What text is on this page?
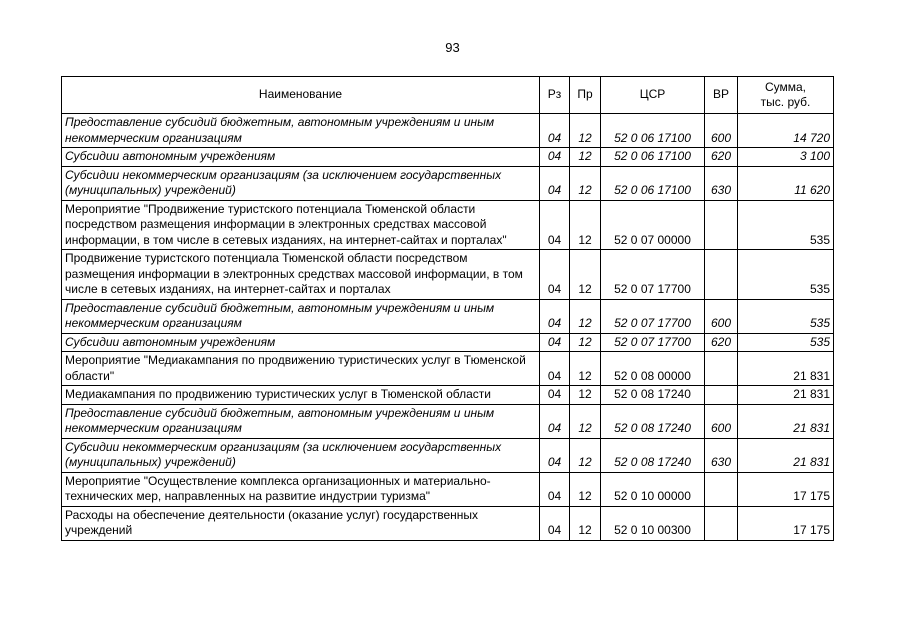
93
Наименование	Рз	Пр	ЦСР	ВР	Сумма,
тыс. руб.
Предоставление субсидий бюджетным, автономным учреждениям и иным некоммерческим организациям	04	12	52 0 06 17100	600	14 720
Субсидии автономным учреждениям	04	12	52 0 06 17100	620	3 100
Субсидии некоммерческим организациям (за исключением государственных (муниципальных) учреждений)	04	12	52 0 06 17100	630	11 620
Мероприятие "Продвижение туристского потенциала Тюменской области посредством размещения информации в электронных средствах массовой информации, в том числе в сетевых изданиях, на интернет-сайтах и порталах"	04	12	52 0 07 00000		535
Продвижение туристского потенциала Тюменской области посредством размещения информации в электронных средствах массовой информации, в том числе в сетевых изданиях, на интернет-сайтах и порталах	04	12	52 0 07 17700		535
Предоставление субсидий бюджетным, автономным учреждениям и иным некоммерческим организациям	04	12	52 0 07 17700	600	535
Субсидии автономным учреждениям	04	12	52 0 07 17700	620	535
Мероприятие "Медиакампания по продвижению туристических услуг в Тюменской области"	04	12	52 0 08 00000		21 831
Медиакампания по продвижению туристических услуг в Тюменской области	04	12	52 0 08 17240		21 831
Предоставление субсидий бюджетным, автономным учреждениям и иным некоммерческим организациям	04	12	52 0 08 17240	600	21 831
Субсидии некоммерческим организациям (за исключением государственных (муниципальных) учреждений)	04	12	52 0 08 17240	630	21 831
Мероприятие "Осуществление комплекса организационных и материально-технических мер, направленных на развитие индустрии туризма"	04	12	52 0 10 00000		17 175
Расходы на обеспечение деятельности (оказание услуг) государственных учреждений	04	12	52 0 10 00300		17 175
